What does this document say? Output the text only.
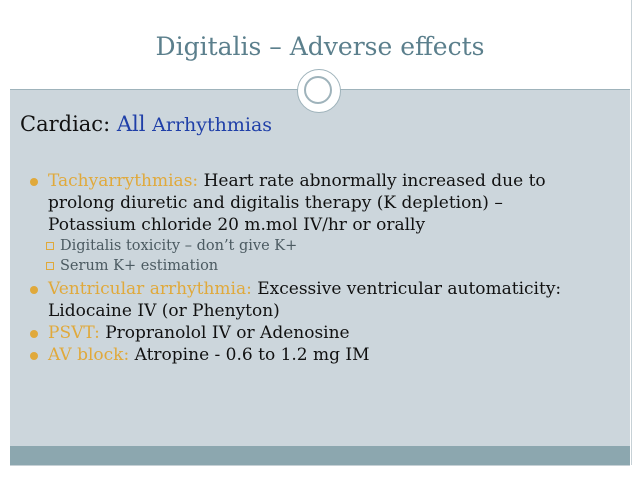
Digitalis – Adverse effects
Cardiac: All Arrhythmias
Tachyarrythmias: Heart rate abnormally increased due to
prolong diuretic and digitalis therapy (K depletion) –
Potassium chloride 20 m.mol IV/hr or orally
Digitalis toxicity – don’t give K+
Serum K+ estimation
Ventricular arrhythmia: Excessive ventricular automaticity:
Lidocaine IV (or Phenyton)
PSVT: Propranolol IV or Adenosine
AV block: Atropine - 0.6 to 1.2 mg IM
